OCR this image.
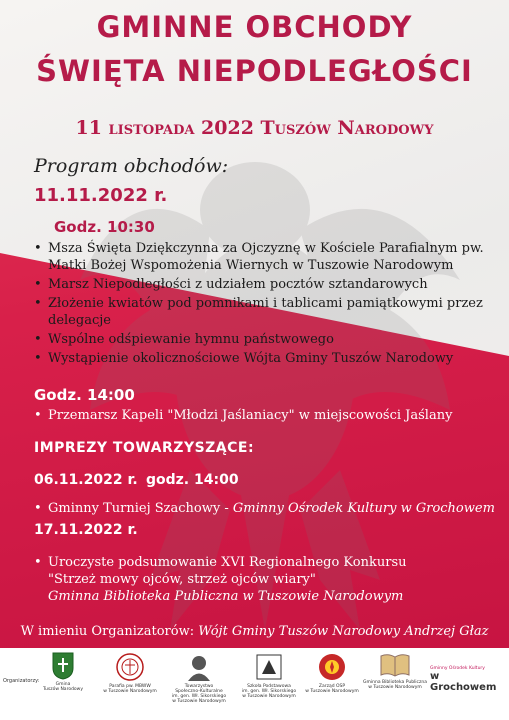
GMINNE OBCHODY
ŚWIĘTA NIEPODLEGŁOŚCI
11 listopada 2022 Tuszów Narodowy
Program obchodów:
11.11.2022 r.
Godz. 10:30
• Msza Święta Dziękczynna za Ojczyznę w Kościele Parafialnym pw. Matki Bożej Wspomożenia Wiernych w Tuszowie Narodowym
• Marsz Niepodległości z udziałem pocztów sztandarowych
• Złożenie kwiatów pod pomnikami i tablicami pamiątkowymi przez delegacje
• Wspólne odśpiewanie hymnu państwowego
• Wystąpienie okolicznościowe Wójta Gminy Tuszów Narodowy
Godz. 14:00
• Przemarsz Kapeli "Młodzi Jaślaniacy" w miejscowości Jaślany
IMPREZY TOWARZYSZĄCE:
06.11.2022 r. godz. 14:00
• Gminny Turniej Szachowy - Gminny Ośrodek Kultury w Grochowem
17.11.2022 r.
• Uroczyste podsumowanie XVI Regionalnego Konkursu
"Strzeż mowy ojców, strzeż ojców wiary"
Gminna Biblioteka Publiczna w Tuszowie Narodowym
W imieniu Organizatorów: Wójt Gminy Tuszów Narodowy Andrzej Głaz
Organizatorzy:
Gmina
Tuszów Narodowy
Parafia pw. MBWW
w Tuszowie Narodowym
Towarzystwo
Społeczno-Kulturalne
im. gen. Wł. Sikorskiego
w Tuszowie Narodowym
Szkoła Podstawowa
im. gen. Wł. Sikorskiego
w Tuszowie Narodowym
Zarząd OSP
w Tuszowie Narodowym
Gminna Biblioteka Publiczna
w Tuszowie Narodowym
Gminny Ośrodek Kultury
w Grochowem
